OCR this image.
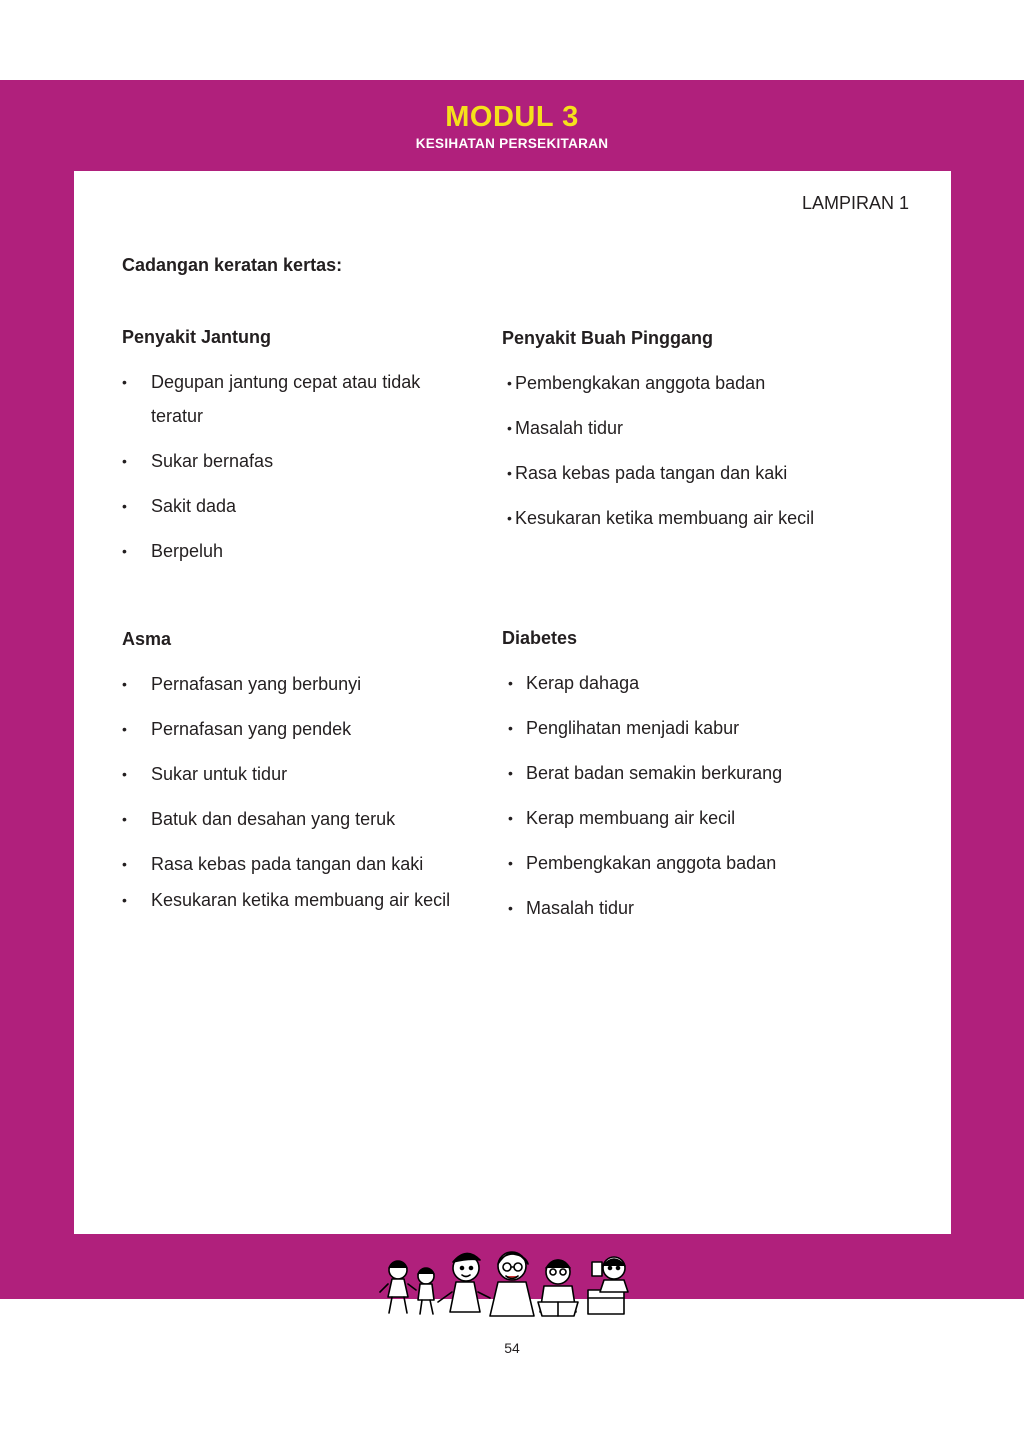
MODUL 3
KESIHATAN PERSEKITARAN
LAMPIRAN 1
Cadangan keratan kertas:
Penyakit Jantung
• Degupan jantung cepat atau tidak teratur
• Sukar bernafas
• Sakit dada
• Berpeluh
Penyakit Buah Pinggang
• Pembengkakan anggota badan
• Masalah tidur
• Rasa kebas pada tangan dan kaki
• Kesukaran ketika membuang air kecil
Asma
• Pernafasan yang berbunyi
• Pernafasan yang pendek
• Sukar untuk tidur
• Batuk dan desahan yang teruk
• Rasa kebas pada tangan dan kaki
• Kesukaran ketika membuang air kecil
Diabetes
• Kerap dahaga
• Penglihatan menjadi kabur
• Berat badan semakin berkurang
• Kerap membuang air kecil
• Pembengkakan anggota badan
• Masalah tidur
54
